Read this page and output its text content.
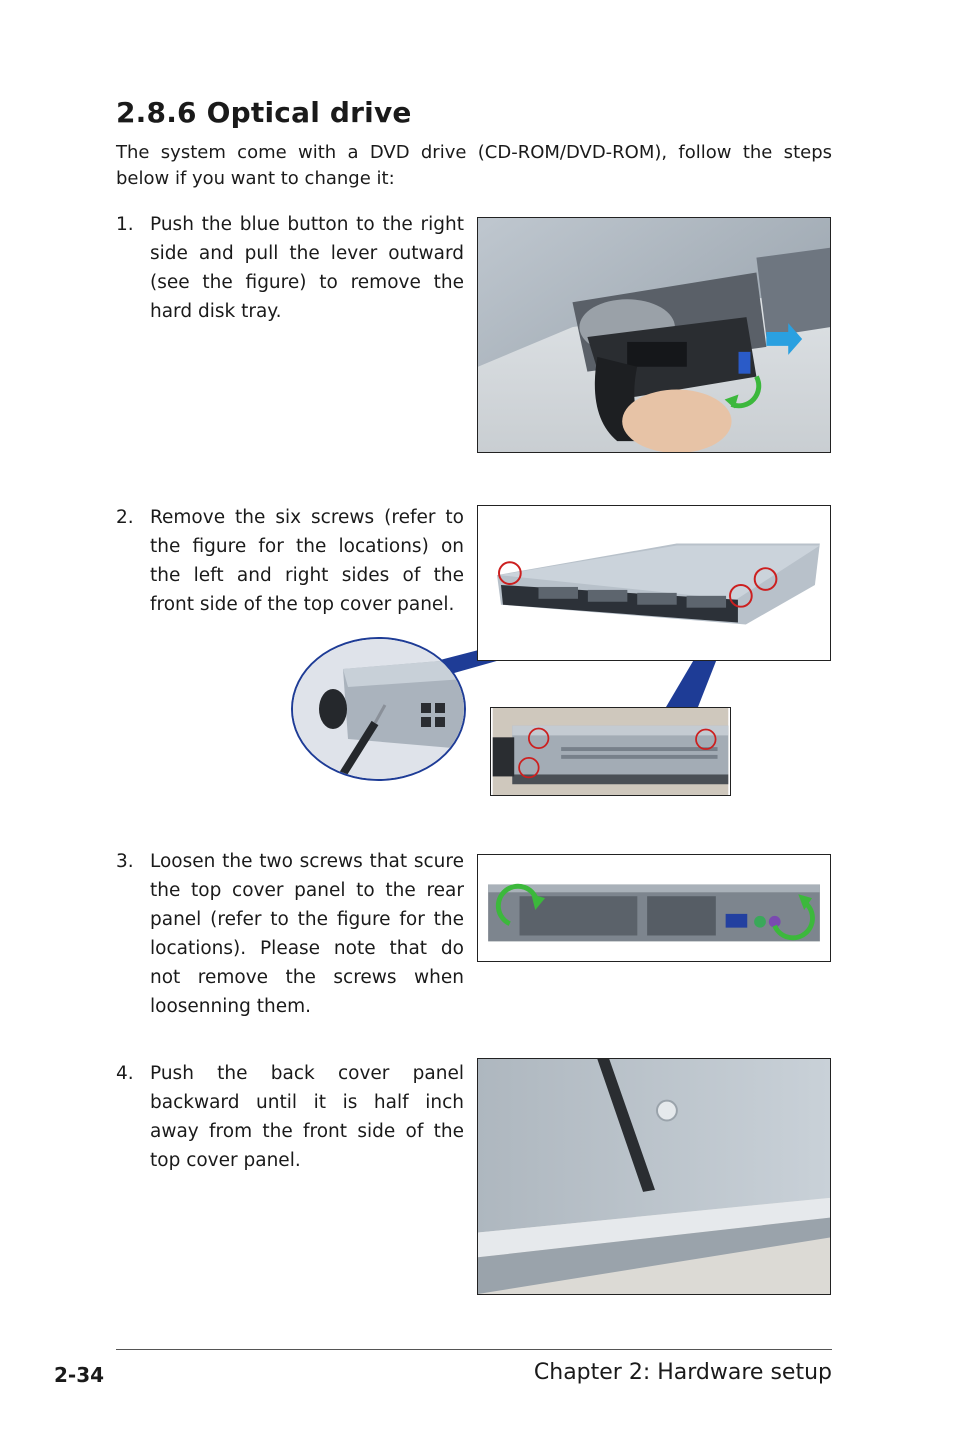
2.8.6 Optical drive

The system come with a DVD drive (CD-ROM/DVD-ROM), follow the steps below if you want to change it:

1. Push the blue button to the right side and pull the lever outward (see the figure) to remove the hard disk tray.
2. Remove the six screws (refer to the figure for the locations) on the left and right sides of the front side of the top cover panel.
3. Loosen the two screws that scure the top cover panel to the rear panel (refer to the figure for the locations). Please note that do not remove the screws when loosenning them.
4. Push the back cover panel backward until it is half inch away from the front side of the top cover panel.

2-34	Chapter 2: Hardware setup
